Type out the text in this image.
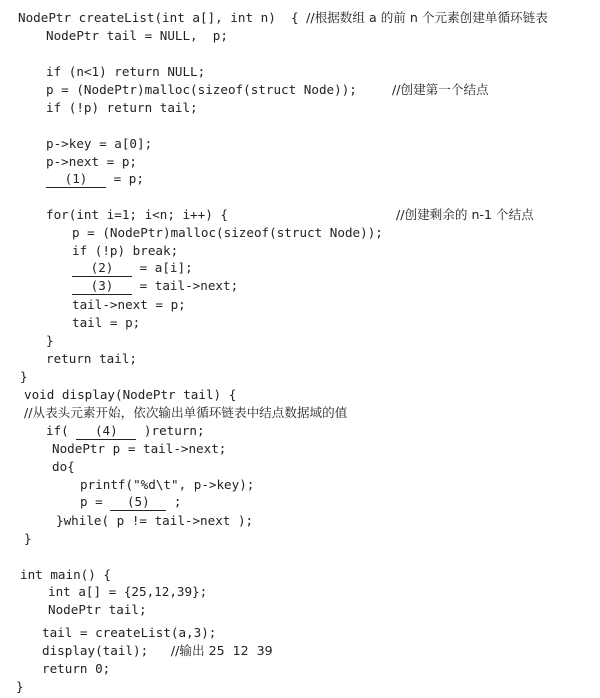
NodePtr createList(int a[], int n)  { //根据数组 a 的前 n 个元素创建单循环链表
NodePtr tail = NULL,  p;
if (n<1) return NULL;
p = (NodePtr)malloc(sizeof(struct Node));	//创建第一个结点
if (!p) return tail;
p->key = a[0];
p->next = p;
(1) = p;
for(int i=1; i<n; i++) {	//创建剩余的 n-1 个结点
p = (NodePtr)malloc(sizeof(struct Node));
if (!p) break;
(2) = a[i];
(3) = tail->next;
tail->next = p;
tail = p;
}
return tail;
}
void display(NodePtr tail) {
//从表头元素开始，依次输出单循环链表中结点数据域的值
if( (4) )return;
NodePtr p = tail->next;
do{
printf("%d\t", p->key);
p = (5) ;
}while( p != tail->next );
}
int main() {
int a[] = {25,12,39};
NodePtr tail;
tail = createList(a,3);
display(tail);   //输出 25  12  39
return 0;
}
